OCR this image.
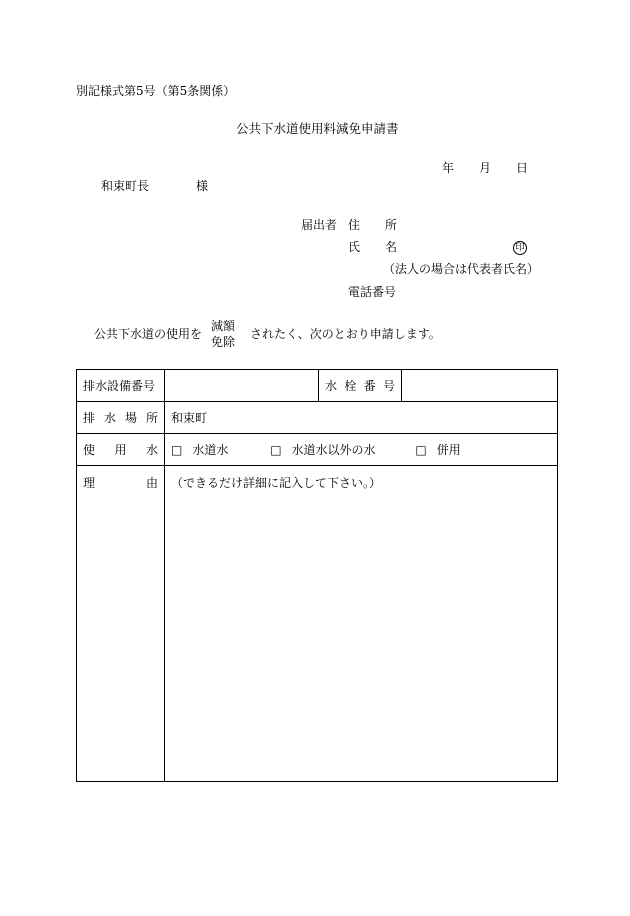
別記様式第5号（第5条関係）
公共下水道使用料減免申請書
年 月 日
和束町長	様
届出者 住 所
氏 名	印
（法人の場合は代表者氏名）
電話番号
公共下水道の使用を
減額
免除
されたく、次のとおり申請します。
排水設備番号		水 栓 番 号	

排 水 場 所	和束町		

使 用 水	□ 水道水 □ 水道水以外の水 □ 併用		

理 由	（できるだけ詳細に記入して下さい。）		
